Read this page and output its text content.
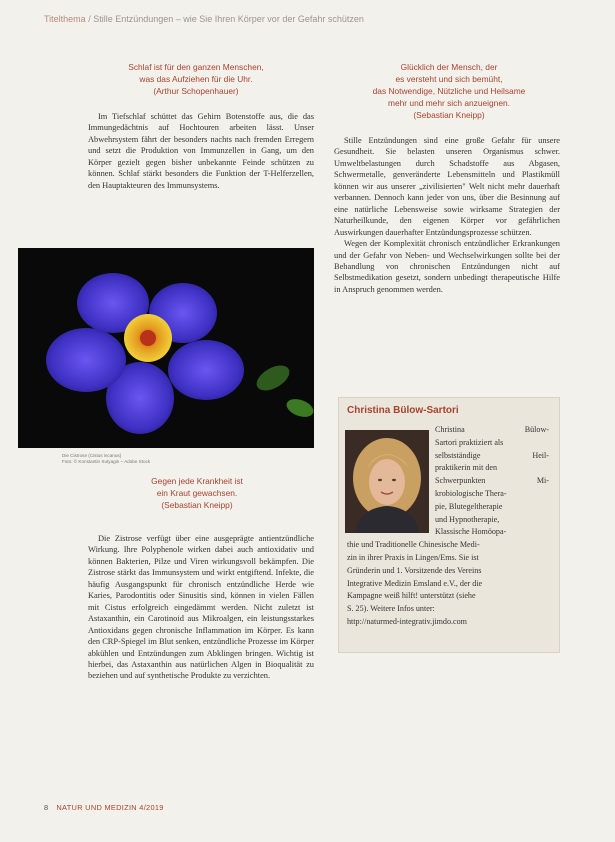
Titelthema / Stille Entzündungen – wie Sie Ihren Körper vor der Gefahr schützen
Schlaf ist für den ganzen Menschen,
was das Aufziehen für die Uhr.
(Arthur Schopenhauer)

Im Tiefschlaf schüttet das Gehirn Botenstoffe aus, die das Immungedächtnis auf Hochtouren arbeiten lässt. Unser Abwehrsystem fährt der besonders nachts nach fremden Erregern und setzt die Produktion von Immunzellen in Gang, um den Körper gezielt gegen bisher unbekannte Feinde schützen zu können. Schlaf stärkt besonders die Funktion der T-Helferzellen, den Hauptakteuren des Immunsystems.

Die Cistrose (Cistus incanus)
Foto: © Konstantin Sutyagin – Adobe Stock
Gegen jede Krankheit ist
ein Kraut gewachsen.
(Sebastian Kneipp)

Die Zistrose verfügt über eine ausgeprägte antientzündliche Wirkung. Ihre Polyphenole wirken dabei auch antioxidativ und können Bakterien, Pilze und Viren wirkungsvoll bekämpfen. Die Zistrose stärkt das Immunsystem und wirkt entgiftend. Infekte, die häufig Ausgangspunkt für chronisch entzündliche Herde wie Karies, Parodontitis oder Sinusitis sind, können in vielen Fällen mit Cistus erfolgreich eingedämmt werden. Nicht zuletzt ist Astaxanthin, ein Carotinoid aus Mikroalgen, ein leistungsstarkes Antioxidans gegen chronische Inflammation im Körper. Es kann den CRP-Spiegel im Blut senken, entzündliche Prozesse im Körper abkühlen und Entzündungen zum Abklingen bringen. Wichtig ist hierbei, das Astaxanthin aus natürlichen Algen in Bioqualität zu beziehen und auf synthetische Produkte zu verzichten.

Glücklich der Mensch, der
es versteht und sich bemüht,
das Notwendige, Nützliche und Heilsame
mehr und mehr sich anzueignen.
(Sebastian Kneipp)

Stille Entzündungen sind eine große Gefahr für unsere Gesundheit. Sie belasten unseren Organismus schwer. Umweltbelastungen durch Schadstoffe aus Abgasen, Schwermetalle, genveränderte Lebensmitteln und Plastikmüll können wir aus unserer „zivilisierten" Welt nicht mehr dauerhaft verbannen. Dennoch kann jeder von uns, über die Besinnung auf eine natürliche Lebensweise sowie wirksame Strategien der Naturheilkunde, den eigenen Körper vor gefährlichen Auswirkungen dauerhafter Entzündungsprozesse schützen.

Wegen der Komplexität chronisch entzündlicher Erkrankungen und der Gefahr von Neben- und Wechselwirkungen sollte bei der Behandlung von chronischen Entzündungen nicht auf Selbstmedikation gesetzt, sondern unbedingt therapeutische Hilfe in Anspruch genommen werden.

Christina Bülow-Sartori
Christina	Bülow-
Sartori praktiziert als
selbstständige	Heil-
praktikerin mit den
Schwerpunkten	Mi-
krobiologische Thera-
pie, Blutegeltherapie
und Hypnotherapie,
Klassische Homöopa-
thie und Traditionelle Chinesische Medi-
zin in ihrer Praxis in Lingen/Ems. Sie ist
Gründerin und 1. Vorsitzende des Vereins
Integrative Medizin Emsland e.V., der die
Kampagne weiß hilft! unterstützt (siehe
S. 25). Weitere Infos unter:
http://naturmed-integrativ.jimdo.com
8 NATUR UND MEDIZIN 4/2019
